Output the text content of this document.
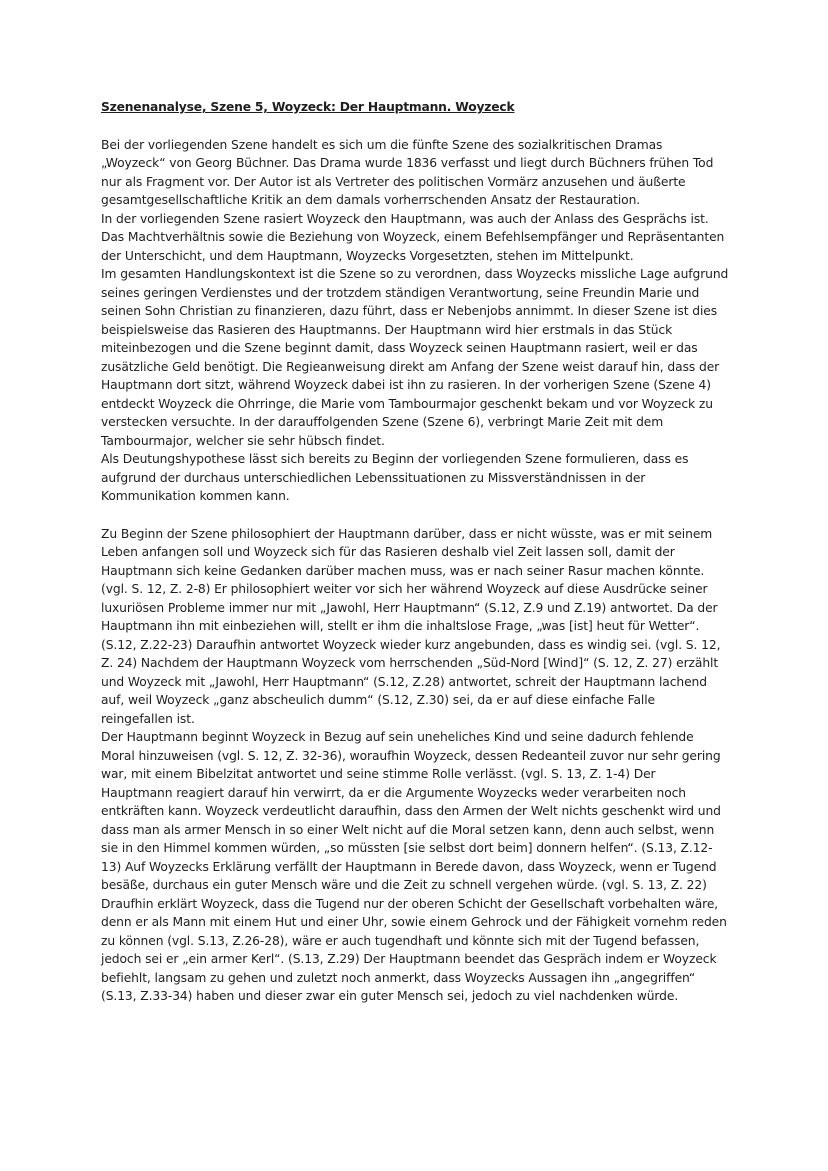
Szenenanalyse, Szene 5, Woyzeck: Der Hauptmann. Woyzeck

Bei der vorliegenden Szene handelt es sich um die fünfte Szene des sozialkritischen Dramas „Woyzeck“ von Georg Büchner. Das Drama wurde 1836 verfasst und liegt durch Büchners frühen Tod nur als Fragment vor. Der Autor ist als Vertreter des politischen Vormärz anzusehen und äußerte gesamtgesellschaftliche Kritik an dem damals vorherrschenden Ansatz der Restauration.

In der vorliegenden Szene rasiert Woyzeck den Hauptmann, was auch der Anlass des Gesprächs ist. Das Machtverhältnis sowie die Beziehung von Woyzeck, einem Befehlsempfänger und Repräsentanten der Unterschicht, und dem Hauptmann, Woyzecks Vorgesetzten, stehen im Mittelpunkt.

Im gesamten Handlungskontext ist die Szene so zu verordnen, dass Woyzecks missliche Lage aufgrund seines geringen Verdienstes und der trotzdem ständigen Verantwortung, seine Freundin Marie und seinen Sohn Christian zu finanzieren, dazu führt, dass er Nebenjobs annimmt. In dieser Szene ist dies beispielsweise das Rasieren des Hauptmanns. Der Hauptmann wird hier erstmals in das Stück miteinbezogen und die Szene beginnt damit, dass Woyzeck seinen Hauptmann rasiert, weil er das zusätzliche Geld benötigt. Die Regieanweisung direkt am Anfang der Szene weist darauf hin, dass der Hauptmann dort sitzt, während Woyzeck dabei ist ihn zu rasieren. In der vorherigen Szene (Szene 4) entdeckt Woyzeck die Ohrringe, die Marie vom Tambourmajor geschenkt bekam und vor Woyzeck zu verstecken versuchte. In der darauffolgenden Szene (Szene 6), verbringt Marie Zeit mit dem Tambourmajor, welcher sie sehr hübsch findet.

Als Deutungshypothese lässt sich bereits zu Beginn der vorliegenden Szene formulieren, dass es aufgrund der durchaus unterschiedlichen Lebenssituationen zu Missverständnissen in der Kommunikation kommen kann.

Zu Beginn der Szene philosophiert der Hauptmann darüber, dass er nicht wüsste, was er mit seinem Leben anfangen soll und Woyzeck sich für das Rasieren deshalb viel Zeit lassen soll, damit der Hauptmann sich keine Gedanken darüber machen muss, was er nach seiner Rasur machen könnte. (vgl. S. 12, Z. 2-8) Er philosophiert weiter vor sich her während Woyzeck auf diese Ausdrücke seiner luxuriösen Probleme immer nur mit „Jawohl, Herr Hauptmann“ (S.12, Z.9 und Z.19) antwortet. Da der Hauptmann ihn mit einbeziehen will, stellt er ihm die inhaltslose Frage, „was [ist] heut für Wetter“. (S.12, Z.22-23) Daraufhin antwortet Woyzeck wieder kurz angebunden, dass es windig sei. (vgl. S. 12, Z. 24) Nachdem der Hauptmann Woyzeck vom herrschenden „Süd-Nord [Wind]“ (S. 12, Z. 27) erzählt und Woyzeck mit „Jawohl, Herr Hauptmann“ (S.12, Z.28) antwortet, schreit der Hauptmann lachend auf, weil Woyzeck „ganz abscheulich dumm“ (S.12, Z.30) sei, da er auf diese einfache Falle reingefallen ist.

Der Hauptmann beginnt Woyzeck in Bezug auf sein uneheliches Kind und seine dadurch fehlende Moral hinzuweisen (vgl. S. 12, Z. 32-36), woraufhin Woyzeck, dessen Redeanteil zuvor nur sehr gering war, mit einem Bibelzitat antwortet und seine stimme Rolle verlässt. (vgl. S. 13, Z. 1-4) Der Hauptmann reagiert darauf hin verwirrt, da er die Argumente Woyzecks weder verarbeiten noch entkräften kann. Woyzeck verdeutlicht daraufhin, dass den Armen der Welt nichts geschenkt wird und dass man als armer Mensch in so einer Welt nicht auf die Moral setzen kann, denn auch selbst, wenn sie in den Himmel kommen würden, „so müssten [sie selbst dort beim] donnern helfen“. (S.13, Z.12-13) Auf Woyzecks Erklärung verfällt der Hauptmann in Berede davon, dass Woyzeck, wenn er Tugend besäße, durchaus ein guter Mensch wäre und die Zeit zu schnell vergehen würde. (vgl. S. 13, Z. 22) Draufhin erklärt Woyzeck, dass die Tugend nur der oberen Schicht der Gesellschaft vorbehalten wäre, denn er als Mann mit einem Hut und einer Uhr, sowie einem Gehrock und der Fähigkeit vornehm reden zu können (vgl. S.13, Z.26-28), wäre er auch tugendhaft und könnte sich mit der Tugend befassen, jedoch sei er „ein armer Kerl“. (S.13, Z.29) Der Hauptmann beendet das Gespräch indem er Woyzeck befiehlt, langsam zu gehen und zuletzt noch anmerkt, dass Woyzecks Aussagen ihn „angegriffen“ (S.13, Z.33-34) haben und dieser zwar ein guter Mensch sei, jedoch zu viel nachdenken würde.
